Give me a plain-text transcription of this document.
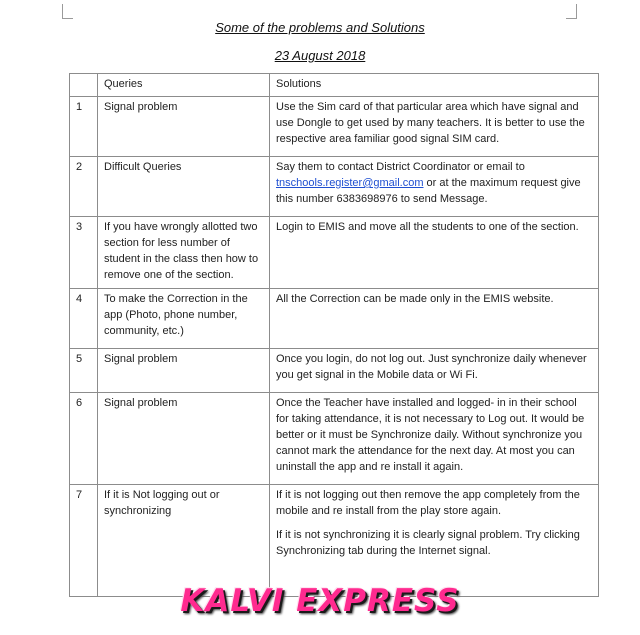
Some of the problems and Solutions
23 August 2018
	Queries	Solutions
1	Signal problem	Use the Sim card of that particular area which have signal and use Dongle to get used by many teachers. It is better to use the respective area familiar good signal SIM card.
2	Difficult Queries	Say them to contact District Coordinator or email to tnschools.register@gmail.com or at the maximum request give this number 6383698976 to send Message.
3	If you have wrongly allotted two section for less number of student in the class then how to remove one of the section.	Login to EMIS and move all the students to one of the section.
4	To make the Correction in the app (Photo, phone number, community, etc.)	All the Correction can be made only in the EMIS website.
5	Signal problem	Once you login, do not log out. Just synchronize daily whenever you get signal in the Mobile data or Wi Fi.
6	Signal problem	Once the Teacher have installed and logged- in in their school for taking attendance, it is not necessary to Log out. It would be better or it must be Synchronize daily. Without synchronize you cannot mark the attendance for the next day. At most you can uninstall the app and re install it again.
7	If it is Not logging out or synchronizing	If it is not logging out then remove the app completely from the mobile and re install from the play store again.
If it is not synchronizing it is clearly signal problem. Try clicking Synchronizing tab during the Internet signal.
KALVI EXPRESS
